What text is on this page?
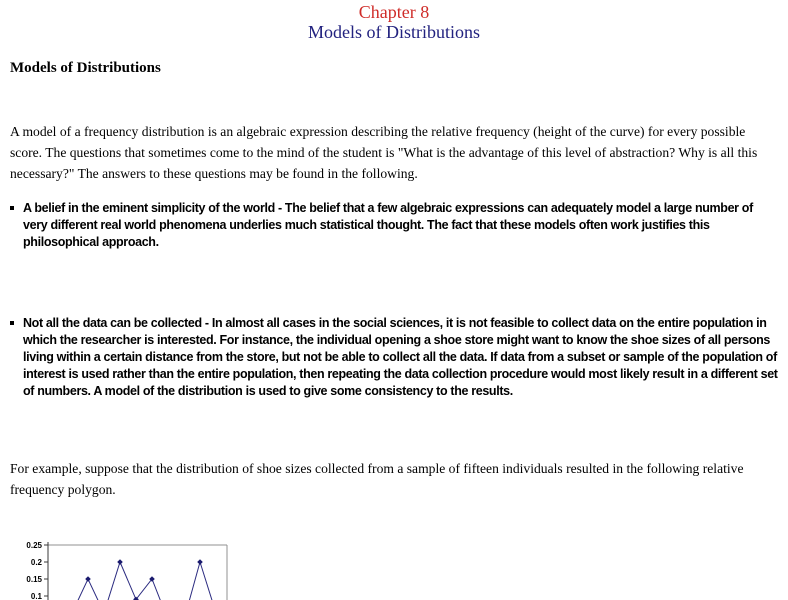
Chapter 8
Models of Distributions
Models of Distributions
A model of a frequency distribution is an algebraic expression describing the relative frequency (height of the curve) for every possible score. The questions that sometimes come to the mind of the student is "What is the advantage of this level of abstraction? Why is all this necessary?" The answers to these questions may be found in the following.
A belief in the eminent simplicity of the world - The belief that a few algebraic expressions can adequately model a large number of very different real world phenomena underlies much statistical thought. The fact that these models often work justifies this philosophical approach.
Not all the data can be collected - In almost all cases in the social sciences, it is not feasible to collect data on the entire population in which the researcher is interested. For instance, the individual opening a shoe store might want to know the shoe sizes of all persons living within a certain distance from the store, but not be able to collect all the data. If data from a subset or sample of the population of interest is used rather than the entire population, then repeating the data collection procedure would most likely result in a different set of numbers. A model of the distribution is used to give some consistency to the results.
For example, suppose that the distribution of shoe sizes collected from a sample of fifteen individuals resulted in the following relative frequency polygon.
0.25
0.2
0.15
0.1
